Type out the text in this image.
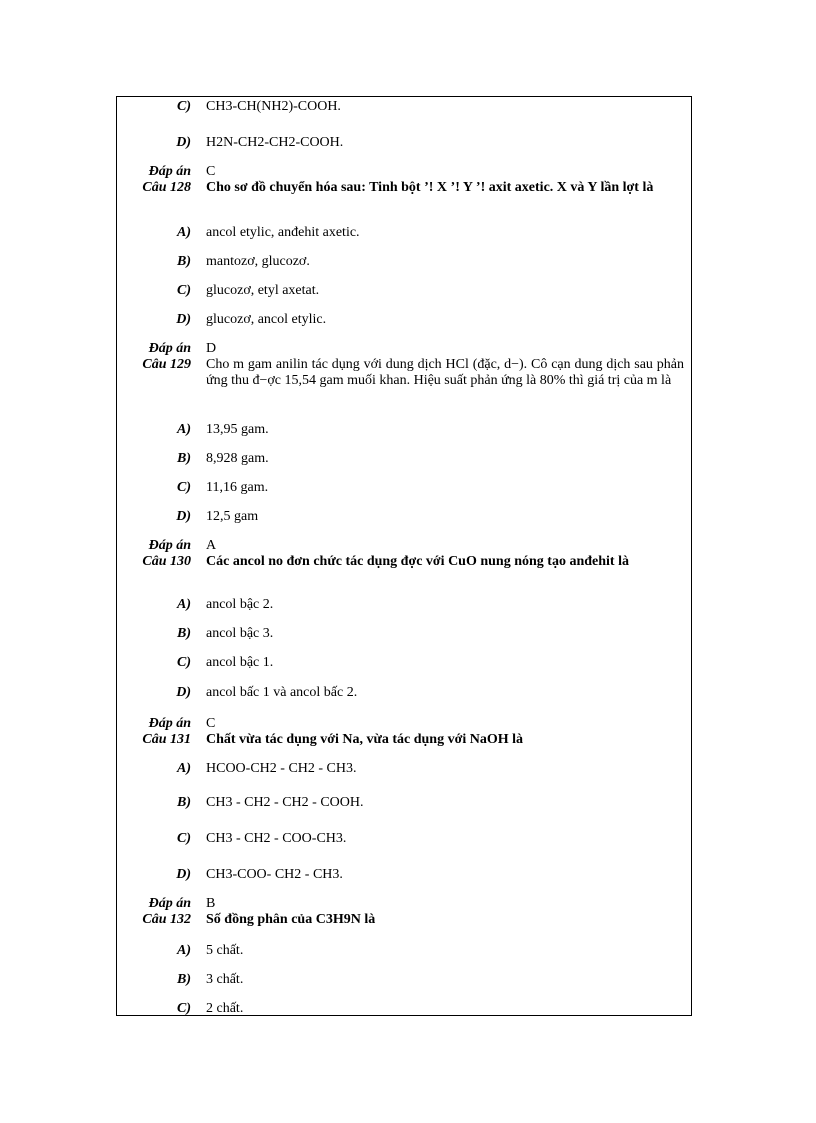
C) CH3-CH(NH2)-COOH.
D) H2N-CH2-CH2-COOH.
Đáp án C
Câu 128 Cho sơ đồ chuyển hóa sau: Tinh bột ’! X ’! Y ’! axit axetic. X và Y lần lợt là
A) ancol etylic, anđehit axetic.
B) mantozơ, glucozơ.
C) glucozơ, etyl axetat.
D) glucozơ, ancol etylic.
Đáp án D
Câu 129 Cho m gam anilin tác dụng với dung dịch HCl (đặc, d−). Cô cạn dung dịch sau phản ứng thu đ−ợc 15,54 gam muối khan. Hiệu suất phản ứng là 80% thì giá trị của m là
A) 13,95 gam.
B) 8,928 gam.
C) 11,16 gam.
D) 12,5 gam
Đáp án A
Câu 130 Các ancol no đơn chức tác dụng đợc với CuO nung nóng tạo anđehit là
A) ancol bậc 2.
B) ancol bậc 3.
C) ancol bậc 1.
D) ancol bấc 1 và ancol bấc 2.
Đáp án C
Câu 131 Chất vừa tác dụng với Na, vừa tác dụng với NaOH là
A) HCOO-CH2 - CH2 - CH3.
B) CH3 - CH2 - CH2 - COOH.
C) CH3 - CH2 - COO-CH3.
D) CH3-COO- CH2 - CH3.
Đáp án B
Câu 132 Số đồng phân của C3H9N là
A) 5 chất.
B) 3 chất.
C) 2 chất.
